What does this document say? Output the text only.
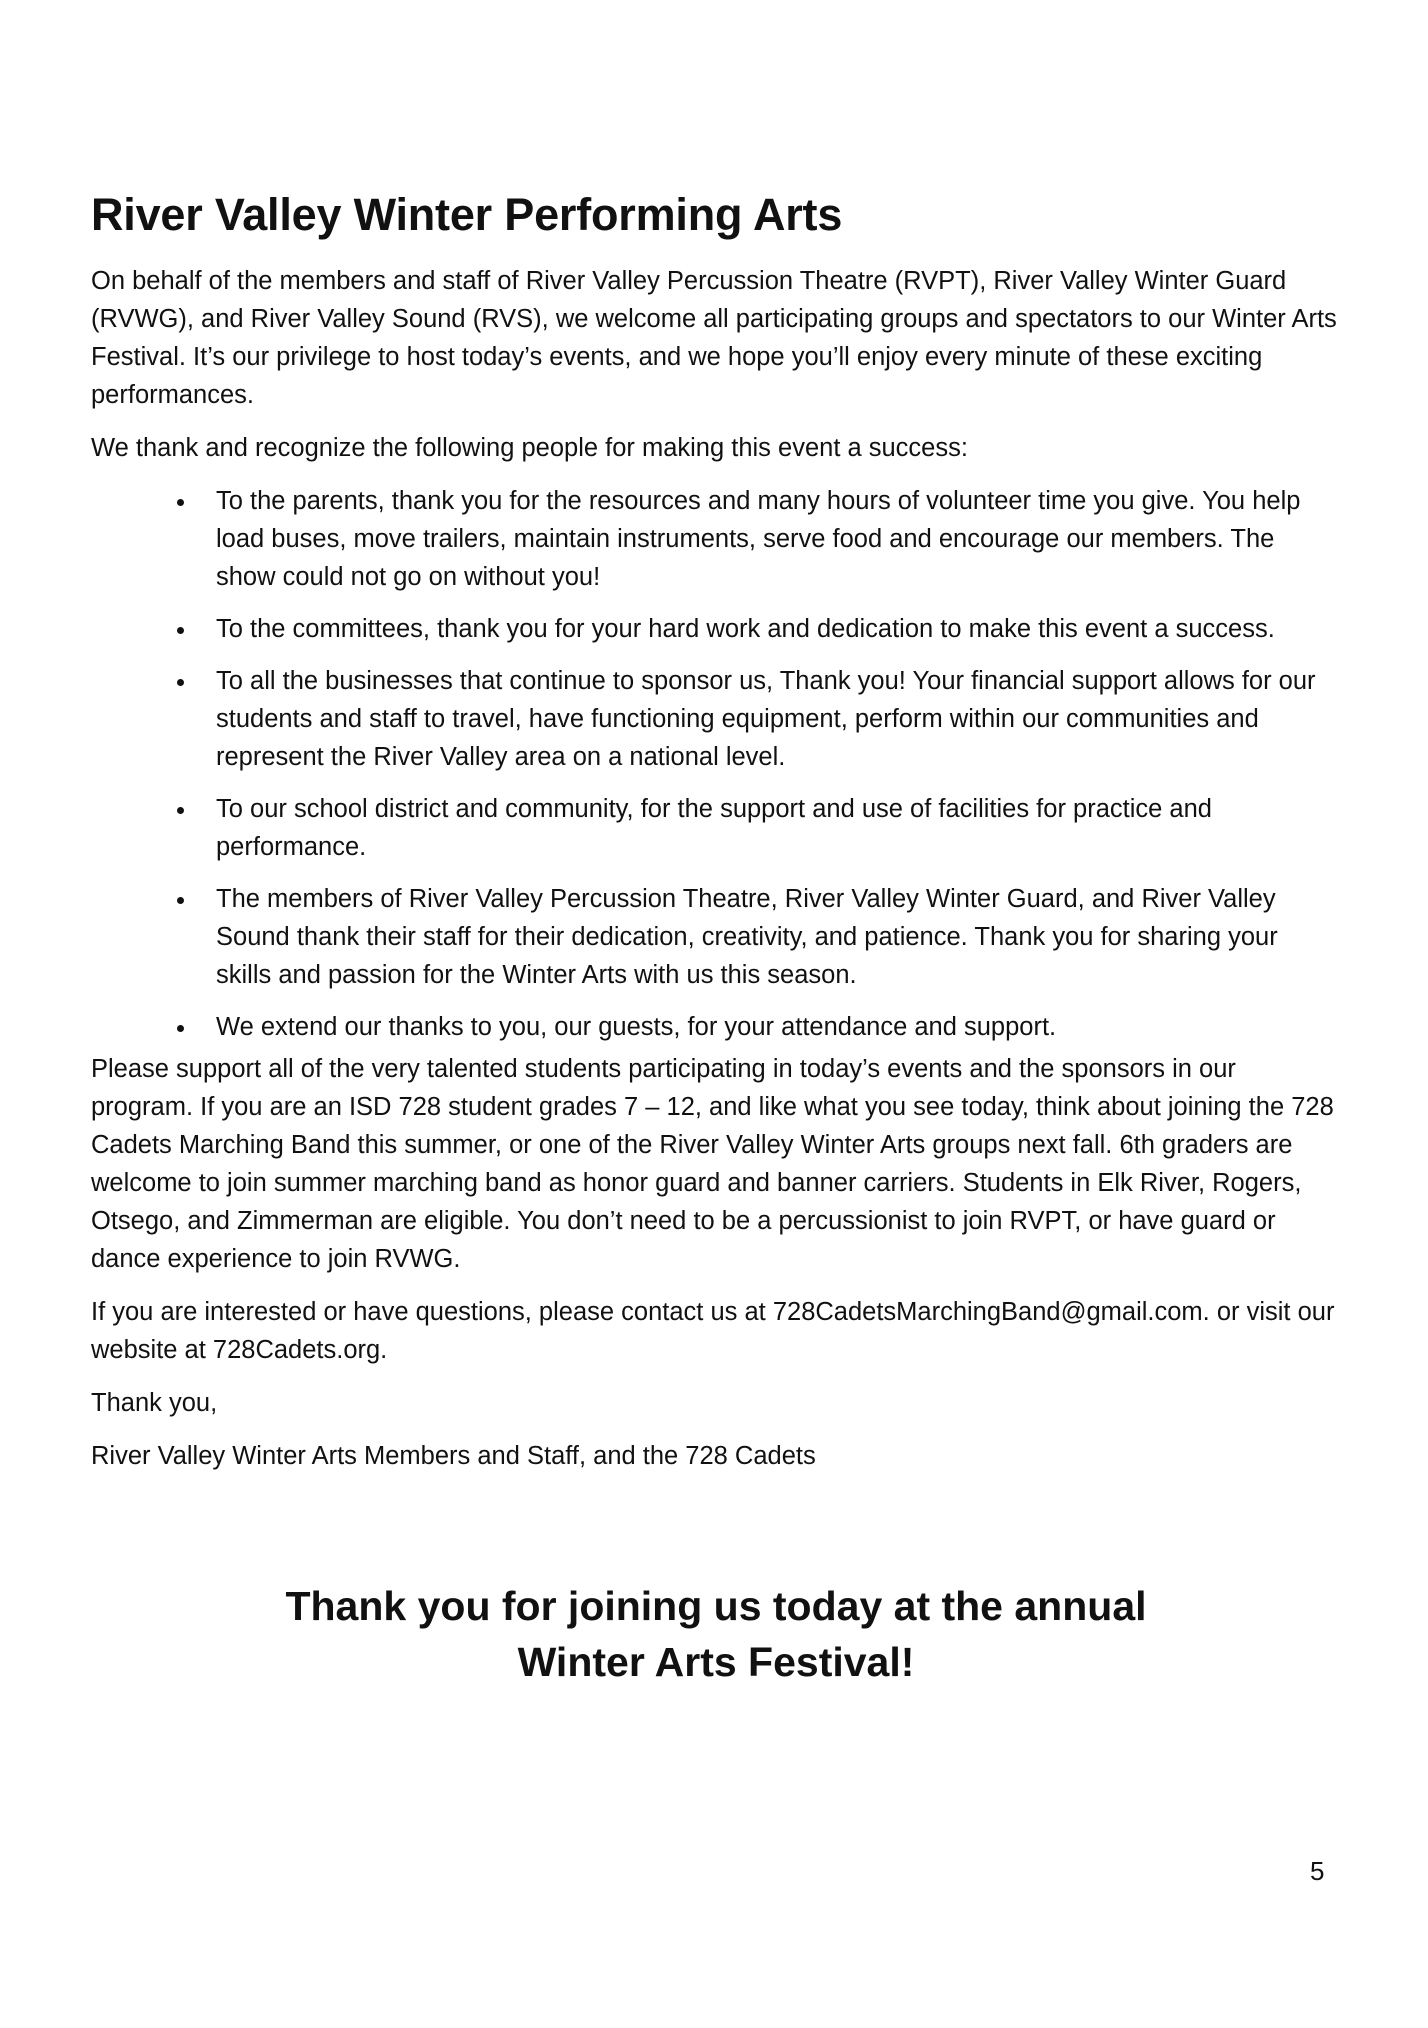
River Valley Winter Performing Arts

On behalf of the members and staff of River Valley Percussion Theatre (RVPT), River Valley Winter Guard (RVWG), and River Valley Sound (RVS), we welcome all participating groups and spectators to our Winter Arts Festival. It’s our privilege to host today’s events, and we hope you’ll enjoy every minute of these exciting performances.

We thank and recognize the following people for making this event a success:

To the parents, thank you for the resources and many hours of volunteer time you give. You help load buses, move trailers, maintain instruments, serve food and encourage our members. The show could not go on without you!
To the committees, thank you for your hard work and dedication to make this event a success.
To all the businesses that continue to sponsor us, Thank you! Your financial support allows for our students and staff to travel, have functioning equipment, perform within our communities and represent the River Valley area on a national level.
To our school district and community, for the support and use of facilities for practice and performance.
The members of River Valley Percussion Theatre, River Valley Winter Guard, and River Valley Sound thank their staff for their dedication, creativity, and patience. Thank you for sharing your skills and passion for the Winter Arts with us this season.
We extend our thanks to you, our guests, for your attendance and support.

Please support all of the very talented students participating in today’s events and the sponsors in our program. If you are an ISD 728 student grades 7 – 12, and like what you see today, think about joining the 728 Cadets Marching Band this summer, or one of the River Valley Winter Arts groups next fall. 6th graders are welcome to join summer marching band as honor guard and banner carriers. Students in Elk River, Rogers, Otsego, and Zimmerman are eligible. You don’t need to be a percussionist to join RVPT, or have guard or dance experience to join RVWG.

If you are interested or have questions, please contact us at 728CadetsMarchingBand@gmail.com. or visit our website at 728Cadets.org.

Thank you,

River Valley Winter Arts Members and Staff, and the 728 Cadets

Thank you for joining us today at the annual
Winter Arts Festival!
5
